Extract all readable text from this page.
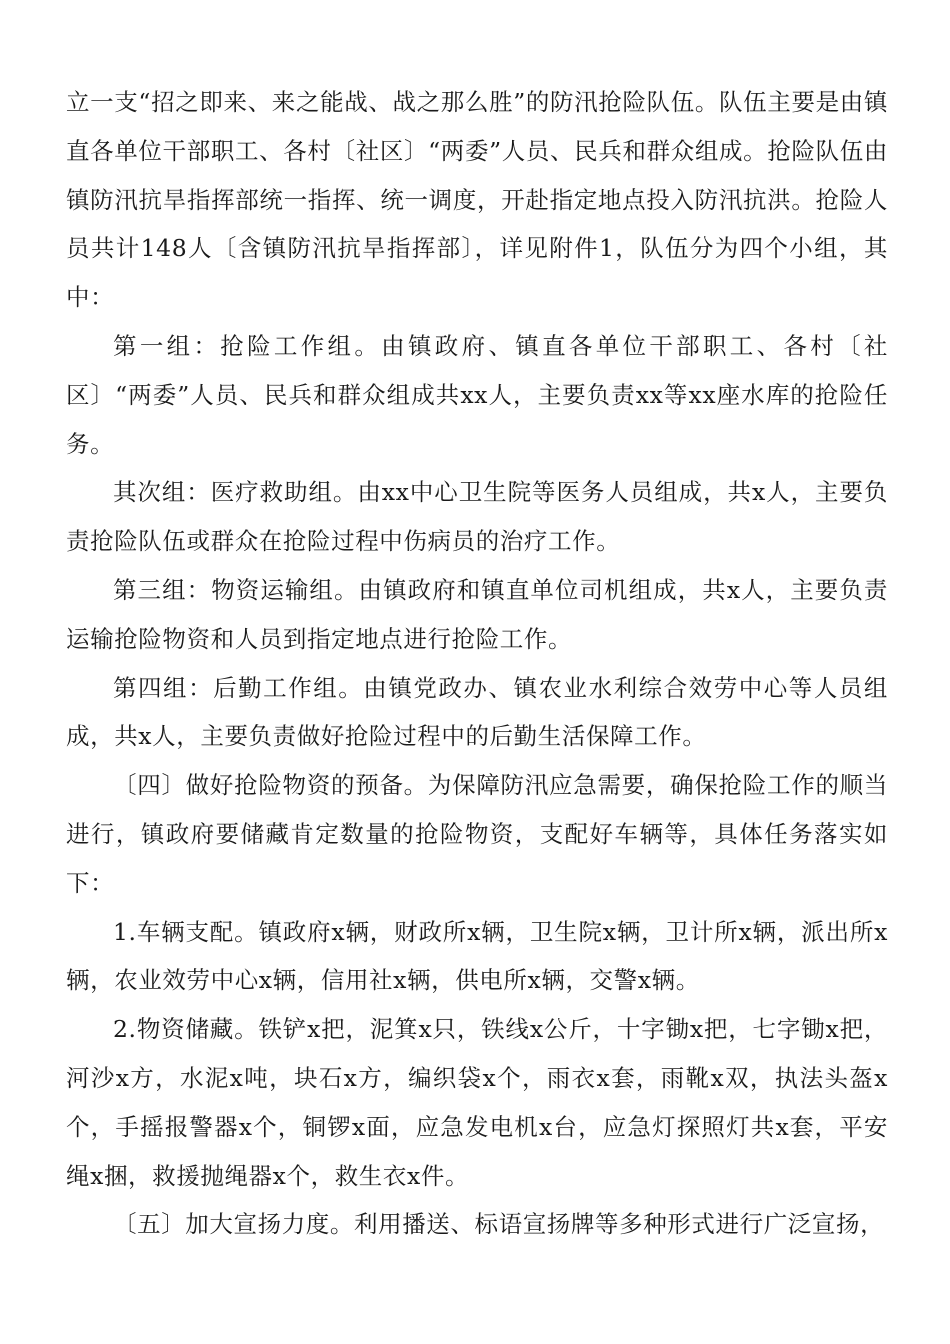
立一支“招之即来、来之能战、战之那么胜”的防汛抢险队伍。队伍主要是由镇直各单位干部职工、各村〔社区〕“两委”人员、民兵和群众组成。抢险队伍由镇防汛抗旱指挥部统一指挥、统一调度，开赴指定地点投入防汛抗洪。抢险人员共计148人〔含镇防汛抗旱指挥部〕，详见附件1，队伍分为四个小组，其中：

第一组：抢险工作组。由镇政府、镇直各单位干部职工、各村〔社区〕“两委”人员、民兵和群众组成共xx人，主要负责xx等xx座水库的抢险任务。

其次组：医疗救助组。由xx中心卫生院等医务人员组成，共x人，主要负责抢险队伍或群众在抢险过程中伤病员的治疗工作。

第三组：物资运输组。由镇政府和镇直单位司机组成，共x人，主要负责运输抢险物资和人员到指定地点进行抢险工作。

第四组：后勤工作组。由镇党政办、镇农业水利综合效劳中心等人员组成，共x人，主要负责做好抢险过程中的后勤生活保障工作。

〔四〕做好抢险物资的预备。为保障防汛应急需要，确保抢险工作的顺当进行，镇政府要储藏肯定数量的抢险物资，支配好车辆等，具体任务落实如下：

1.车辆支配。镇政府x辆，财政所x辆，卫生院x辆，卫计所x辆，派出所x辆，农业效劳中心x辆，信用社x辆，供电所x辆，交警x辆。

2.物资储藏。铁铲x把，泥箕x只，铁线x公斤，十字锄x把，七字锄x把，河沙x方，水泥x吨，块石x方，编织袋x个，雨衣x套，雨靴x双，执法头盔x个，手摇报警器x个，铜锣x面，应急发电机x台，应急灯探照灯共x套，平安绳x捆，救援抛绳器x个，救生衣x件。

〔五〕加大宣扬力度。利用播送、标语宣扬牌等多种形式进行广泛宣扬，
